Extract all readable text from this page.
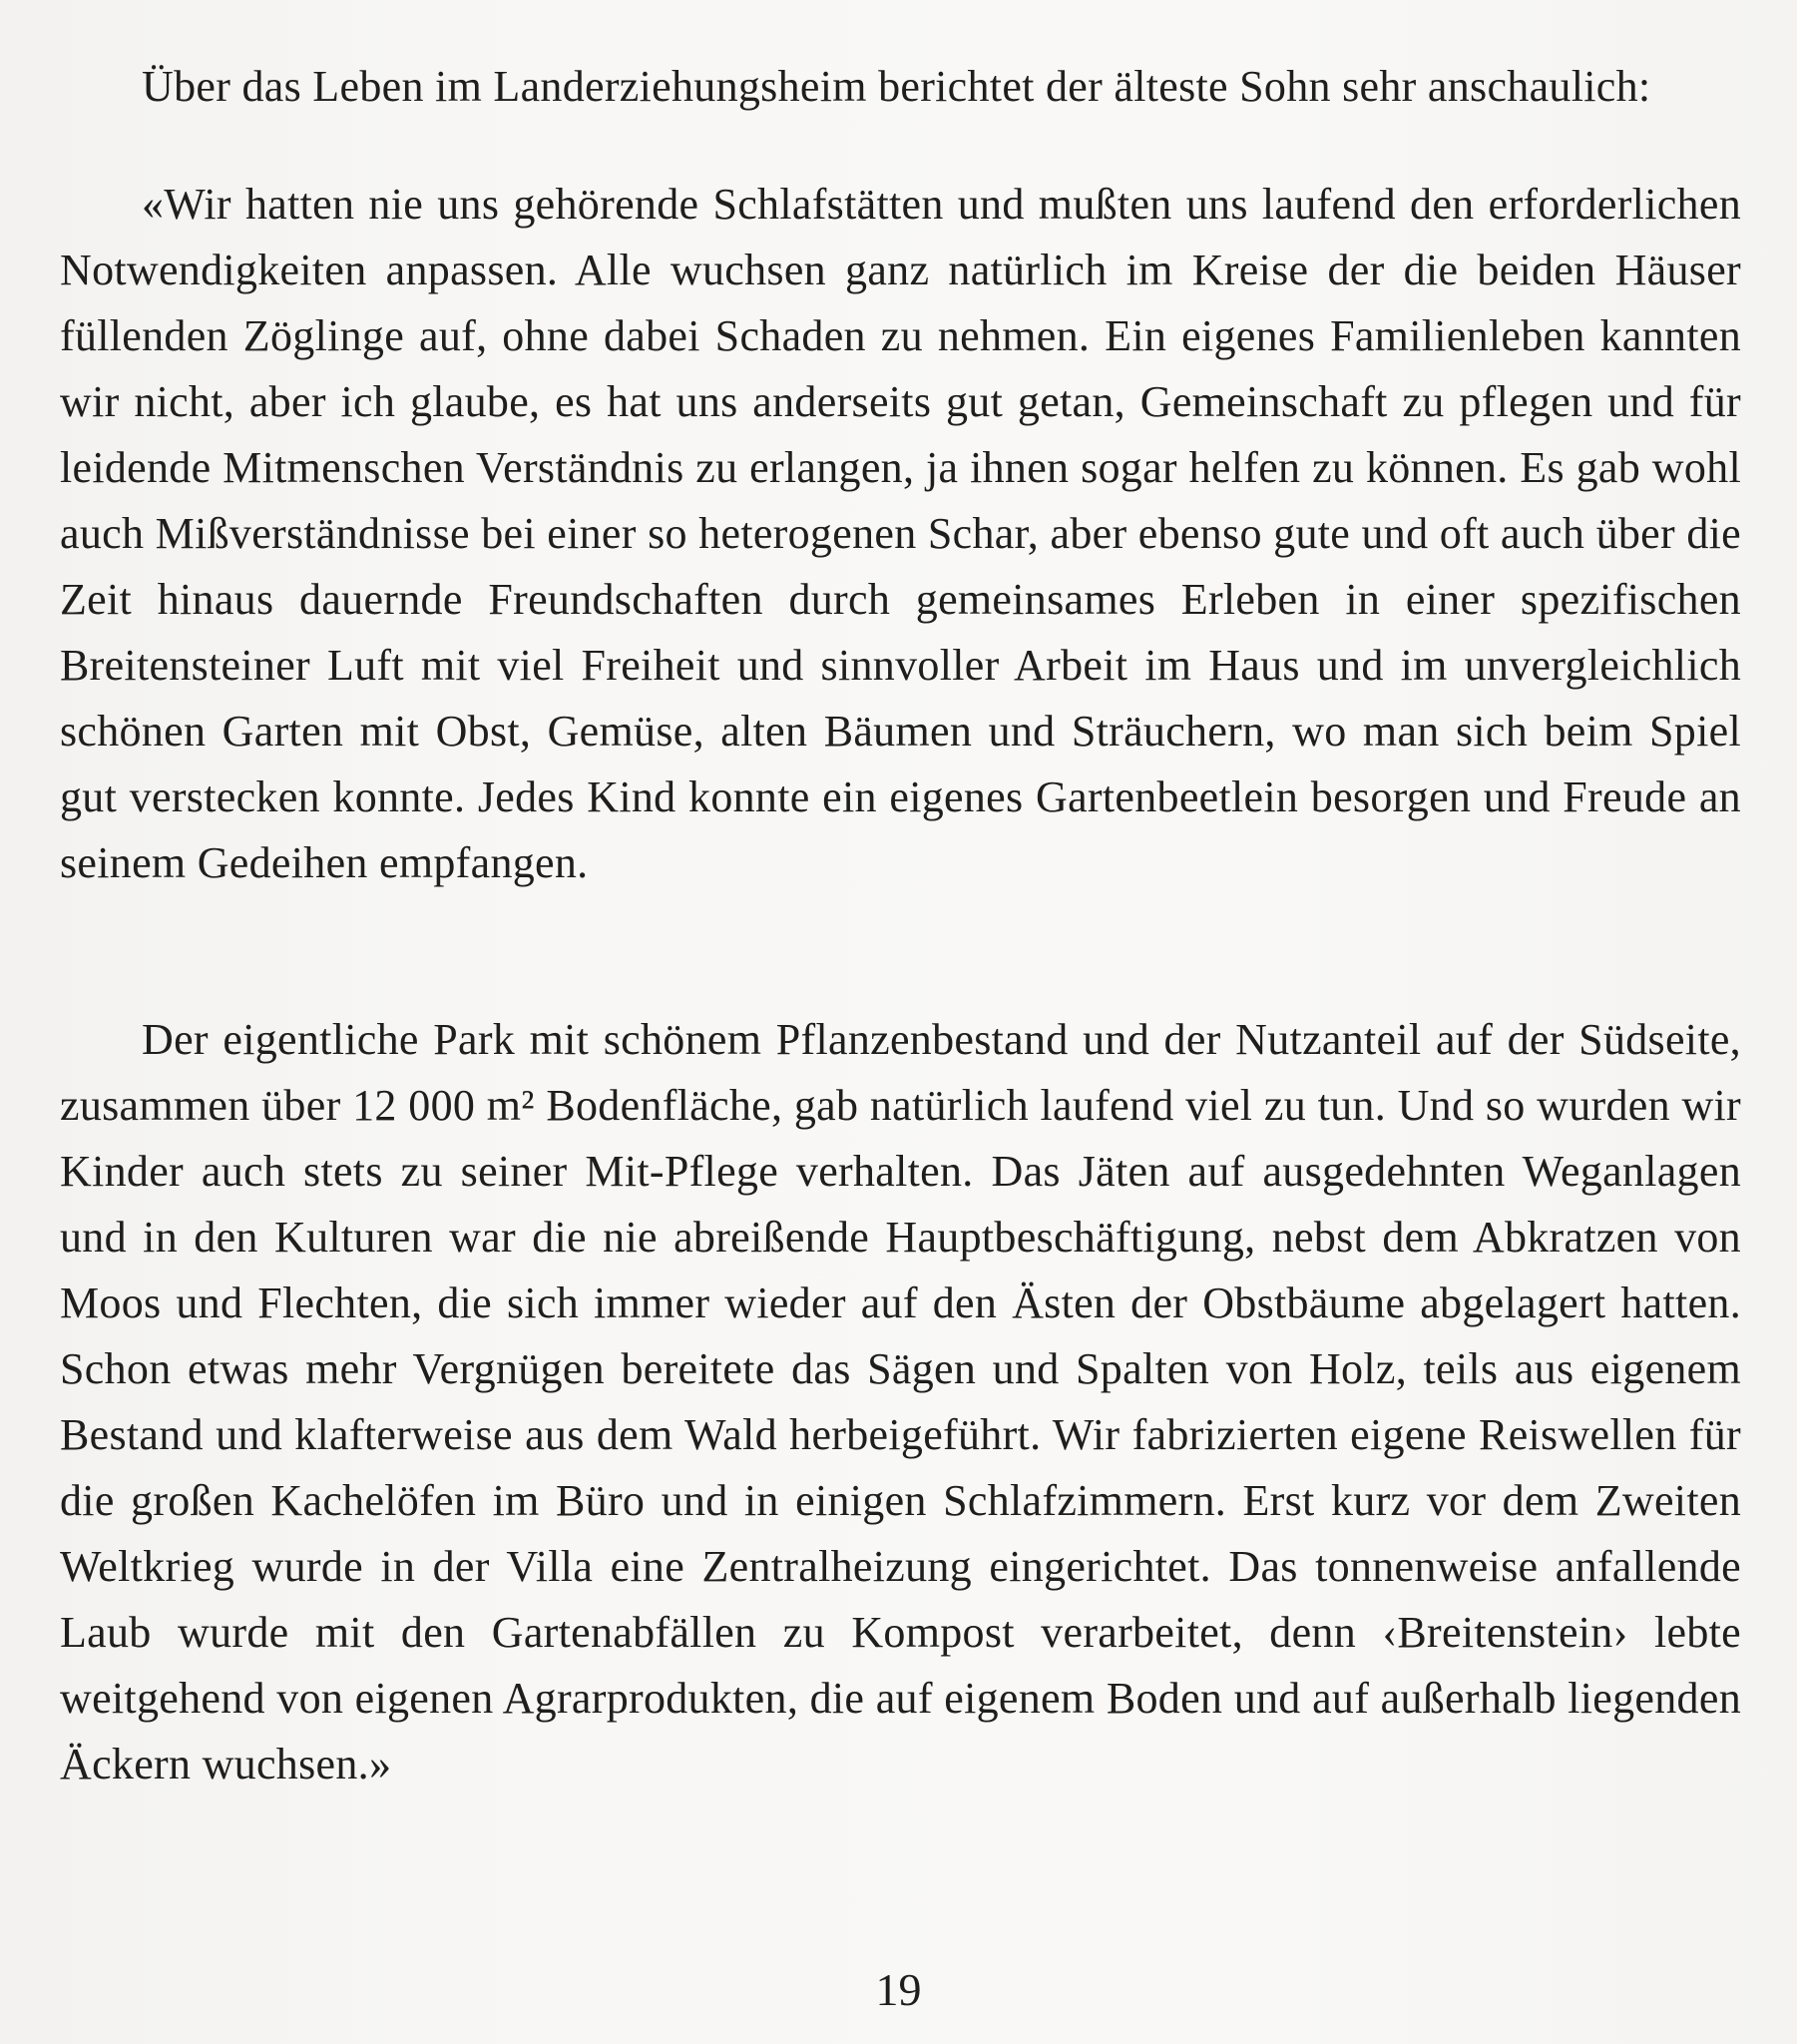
Über das Leben im Landerziehungsheim berichtet der älteste Sohn sehr anschaulich:

«Wir hatten nie uns gehörende Schlafstätten und mußten uns laufend den erforderlichen Notwendigkeiten anpassen. Alle wuchsen ganz natürlich im Kreise der die beiden Häuser füllenden Zöglinge auf, ohne dabei Schaden zu nehmen. Ein eigenes Familienleben kannten wir nicht, aber ich glaube, es hat uns anderseits gut getan, Gemeinschaft zu pflegen und für leidende Mitmenschen Verständnis zu erlangen, ja ihnen sogar helfen zu können. Es gab wohl auch Mißverständnisse bei einer so heterogenen Schar, aber ebenso gute und oft auch über die Zeit hinaus dauernde Freundschaften durch gemeinsames Erleben in einer spezifischen Breitensteiner Luft mit viel Freiheit und sinnvoller Arbeit im Haus und im unvergleichlich schönen Garten mit Obst, Gemüse, alten Bäumen und Sträuchern, wo man sich beim Spiel gut verstecken konnte. Jedes Kind konnte ein eigenes Gartenbeetlein besorgen und Freude an seinem Gedeihen empfangen.

Der eigentliche Park mit schönem Pflanzenbestand und der Nutzanteil auf der Südseite, zusammen über 12 000 m² Bodenfläche, gab natürlich laufend viel zu tun. Und so wurden wir Kinder auch stets zu seiner Mit-Pflege verhalten. Das Jäten auf ausgedehnten Weganlagen und in den Kulturen war die nie abreißende Hauptbeschäftigung, nebst dem Abkratzen von Moos und Flechten, die sich immer wieder auf den Ästen der Obstbäume abgelagert hatten. Schon etwas mehr Vergnügen bereitete das Sägen und Spalten von Holz, teils aus eigenem Bestand und klafterweise aus dem Wald herbeigeführt. Wir fabrizierten eigene Reiswellen für die großen Kachelöfen im Büro und in einigen Schlafzimmern. Erst kurz vor dem Zweiten Weltkrieg wurde in der Villa eine Zentralheizung eingerichtet. Das tonnenweise anfallende Laub wurde mit den Gartenabfällen zu Kompost verarbeitet, denn ‹Breitenstein› lebte weitgehend von eigenen Agrarprodukten, die auf eigenem Boden und auf außerhalb liegenden Äckern wuchsen.»

19
